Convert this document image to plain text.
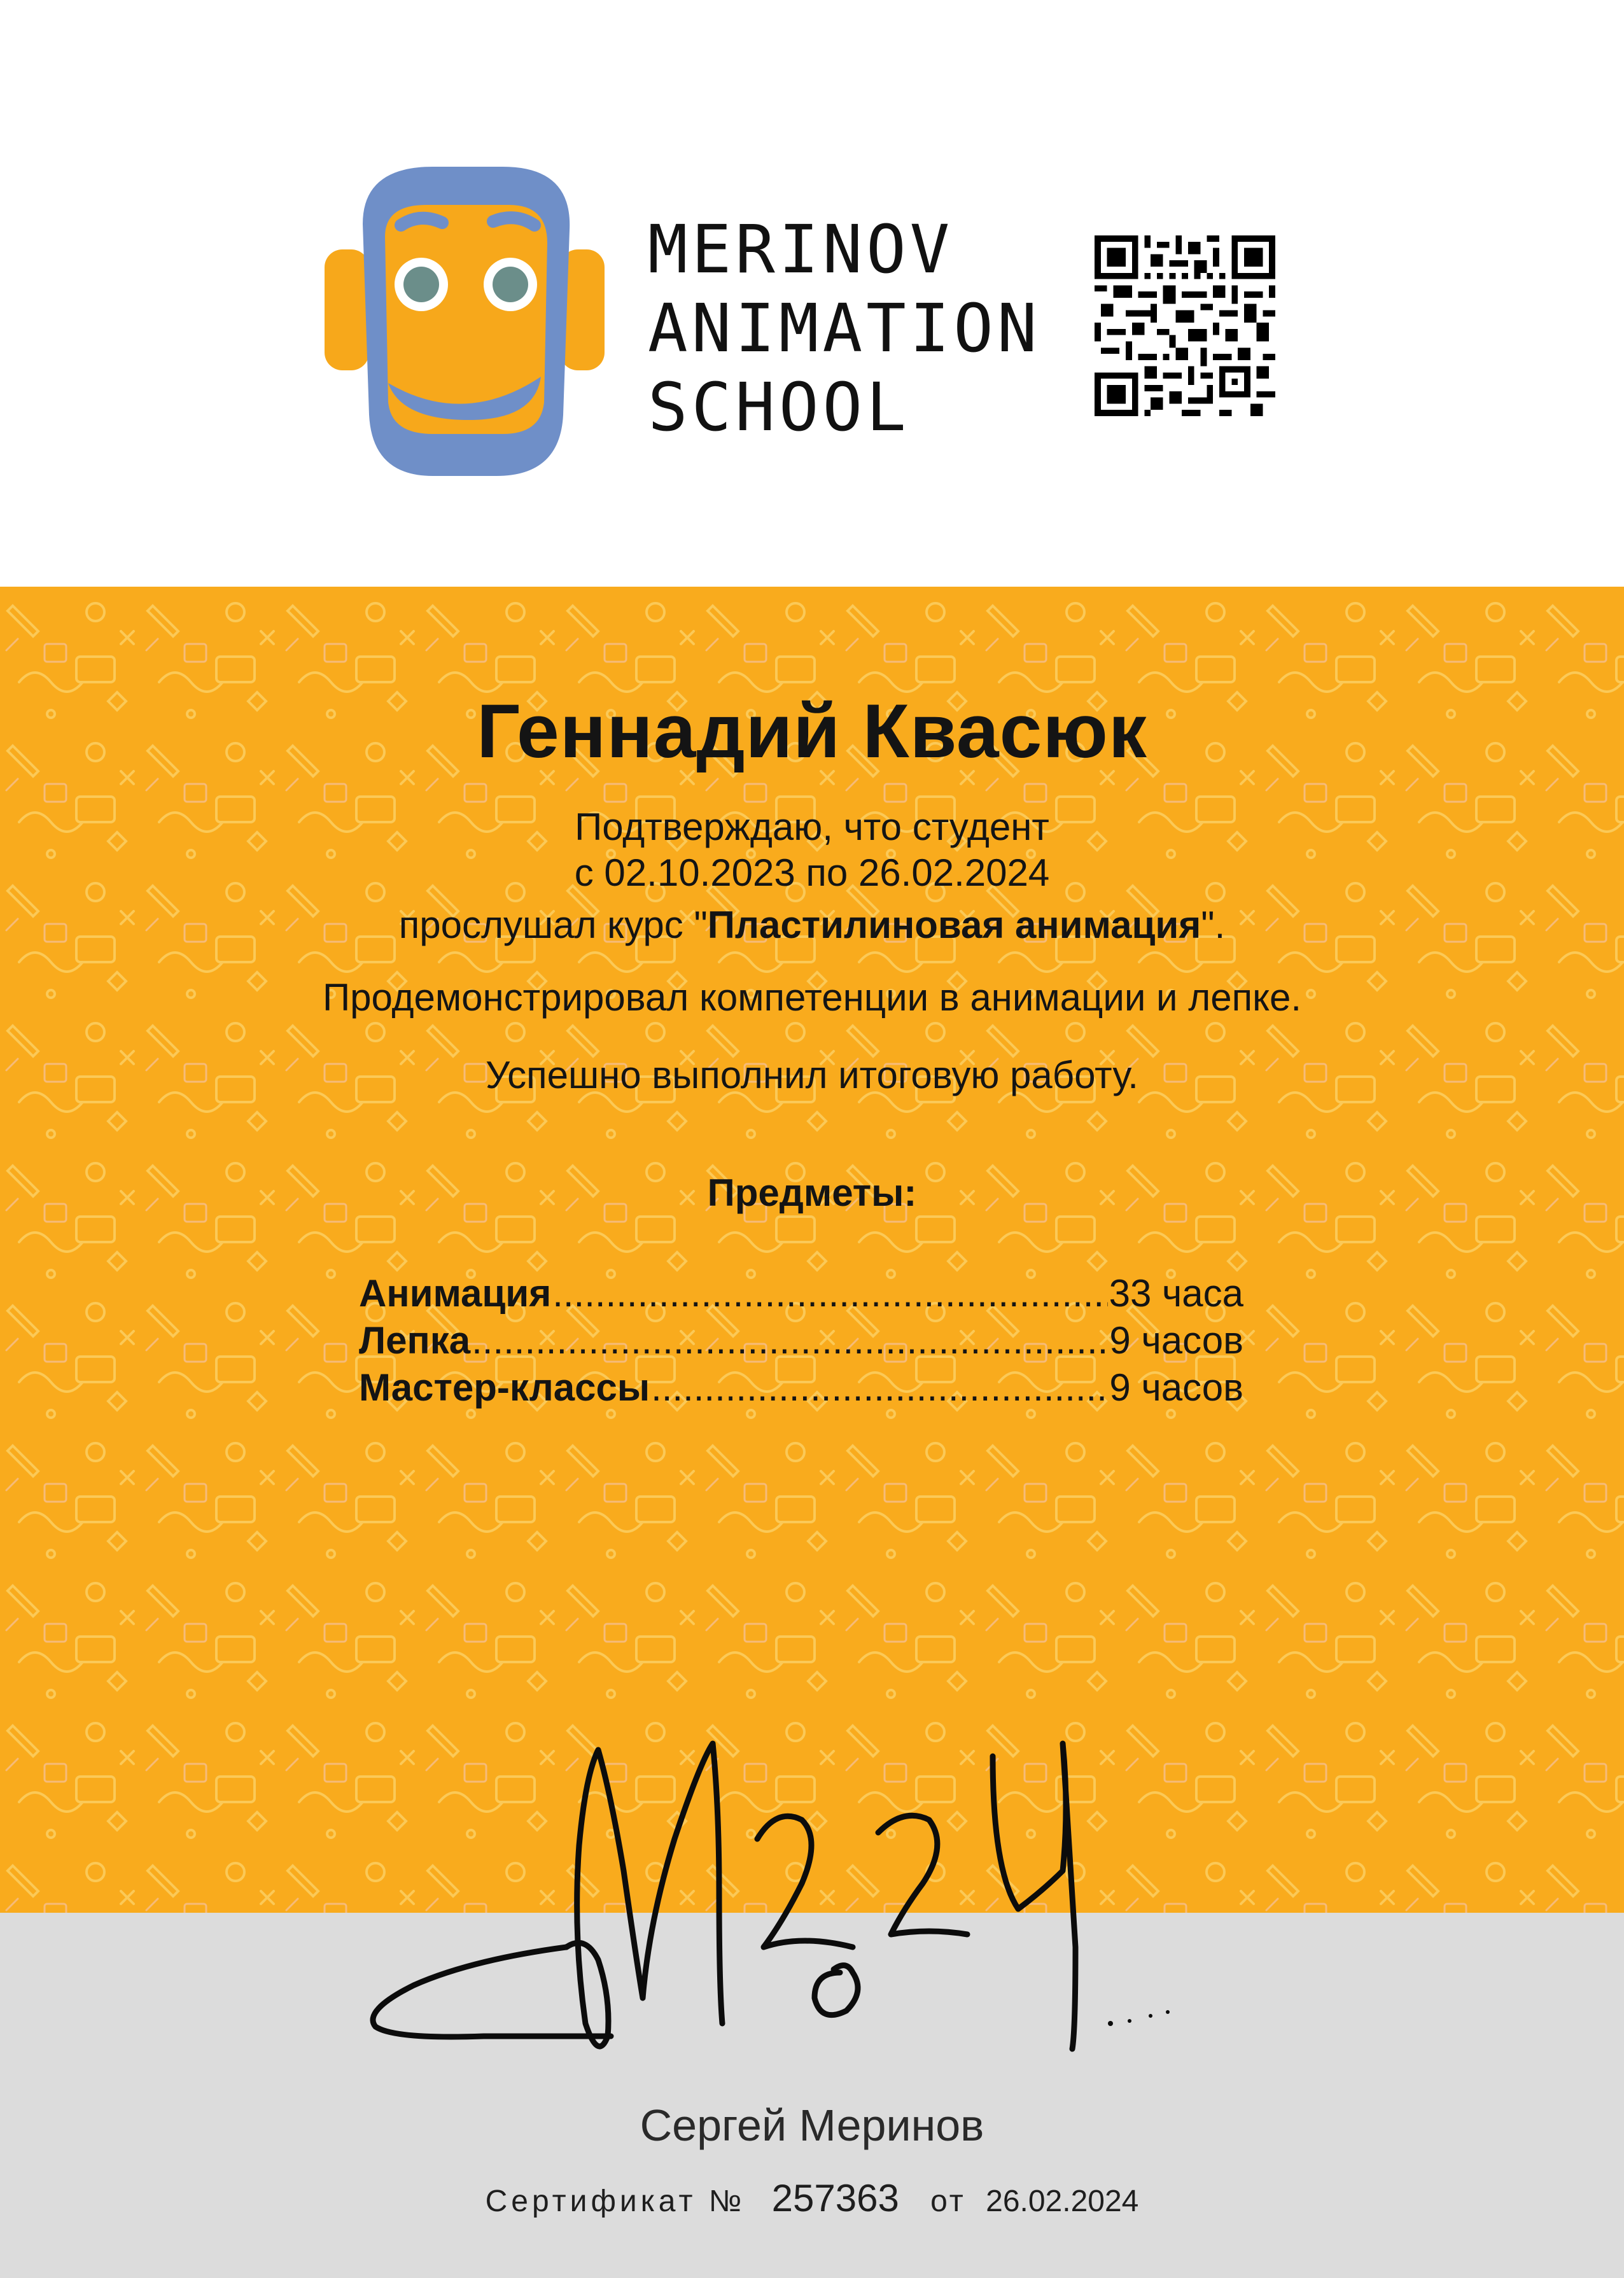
MERINOV
ANIMATION
SCHOOL
Геннадий Квасюк
Подтверждаю, что студент
с 02.10.2023 по 26.02.2024
прослушал курс "Пластилиновая анимация".
Продемонстрировал компетенции в анимации и лепке.
Успешно выполнил итоговую работу.
Предметы:
Анимация .....	33 часа
Лепка .....	9 часов
Мастер-классы .....	9 часов
Сергей Меринов
Сертификат № 257363 от 26.02.2024
